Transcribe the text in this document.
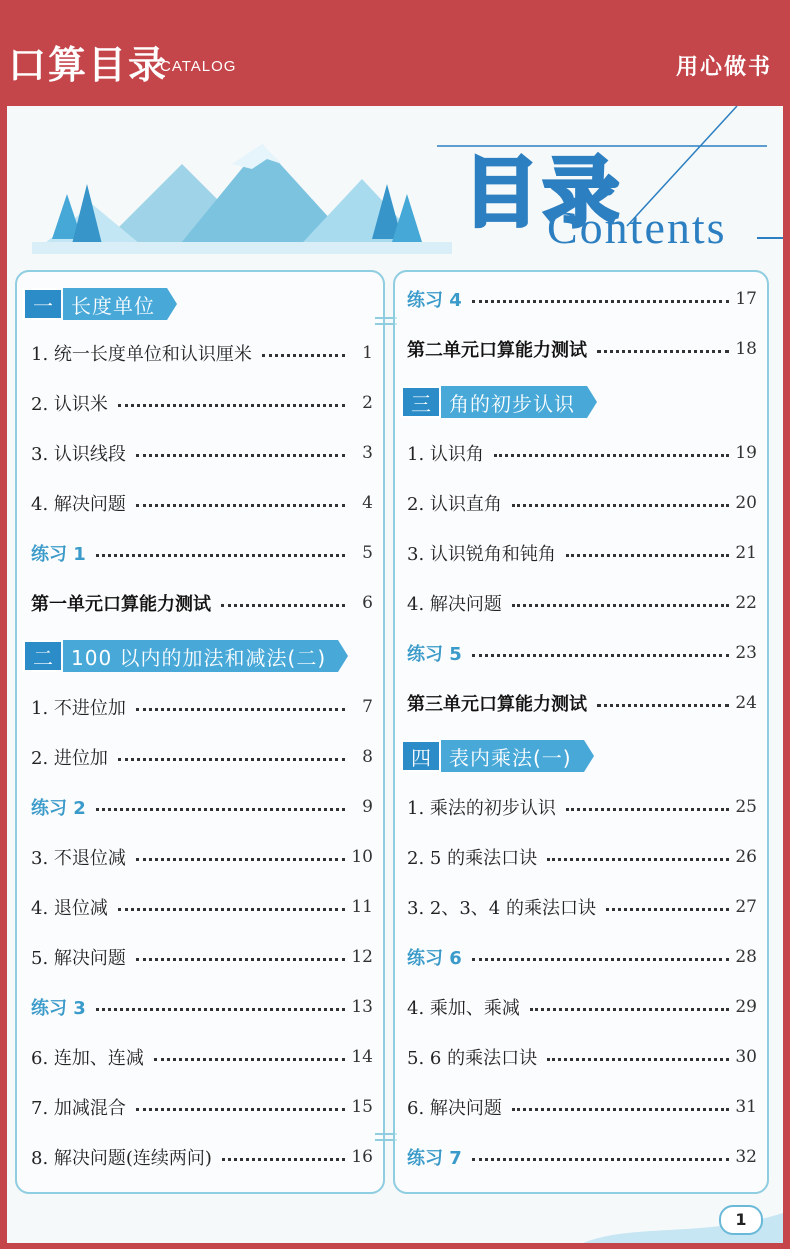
口算目录
CATALOG	用心做书
目录
Contents
一 长度单位
1. 统一长度单位和认识厘米	1
2. 认识米	2
3. 认识线段	3
4. 解决问题	4
练习 1	5
第一单元口算能力测试	6
二 100 以内的加法和减法(二)
1. 不进位加	7
2. 进位加	8
练习 2	9
3. 不退位减	10
4. 退位减	11
5. 解决问题	12
练习 3	13
6. 连加、连减	14
7. 加减混合	15
8. 解决问题(连续两问)	16
练习 4	17
第二单元口算能力测试	18
三 角的初步认识
1. 认识角	19
2. 认识直角	20
3. 认识锐角和钝角	21
4. 解决问题	22
练习 5	23
第三单元口算能力测试	24
四 表内乘法(一)
1. 乘法的初步认识	25
2. 5 的乘法口诀	26
3. 2、3、4 的乘法口诀	27
练习 6	28
4. 乘加、乘减	29
5. 6 的乘法口诀	30
6. 解决问题	31
练习 7	32
1
